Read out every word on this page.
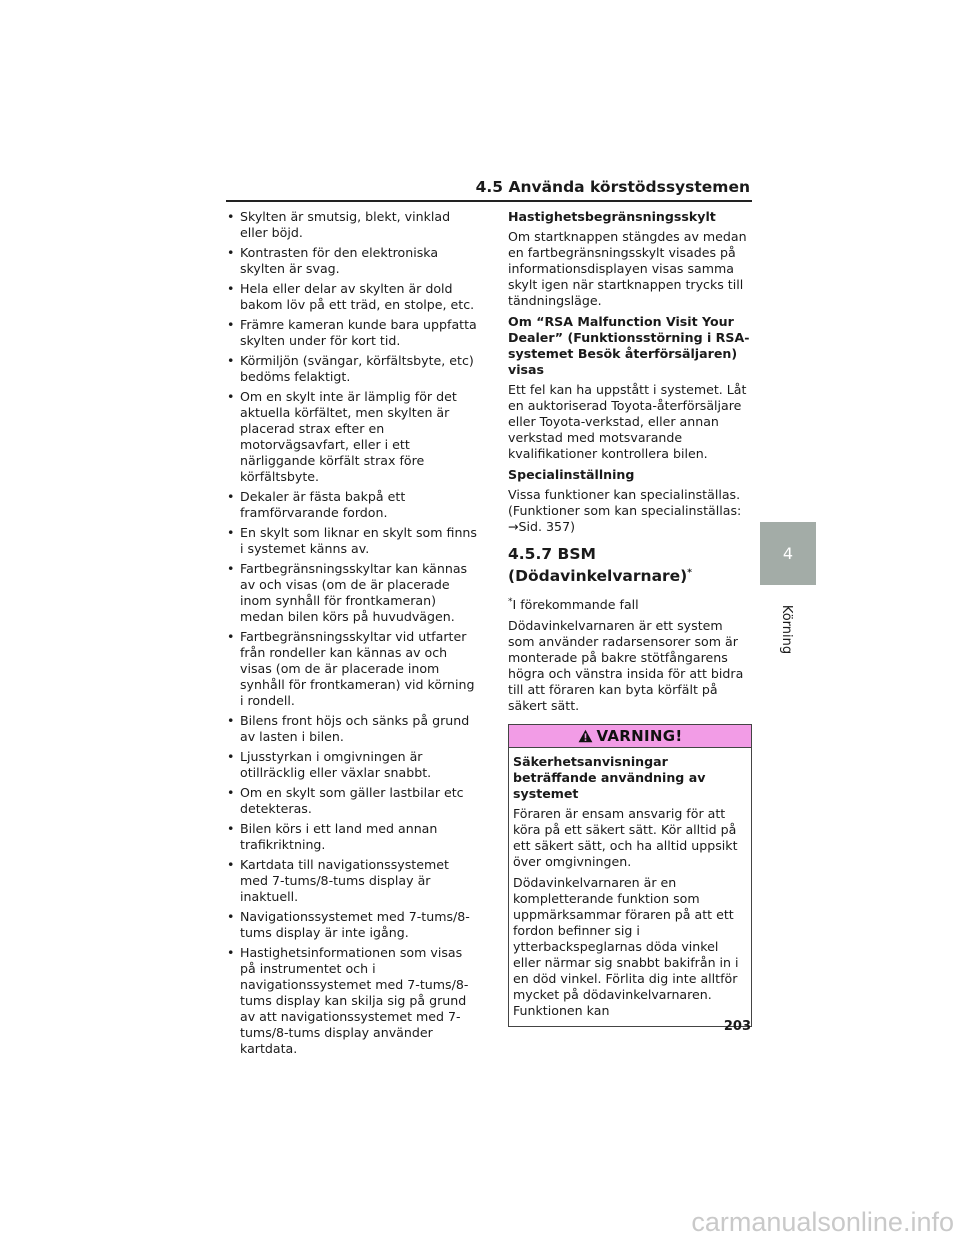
4.5 Använda körstödssystemen
• Skylten är smutsig, blekt, vinklad eller böjd.
• Kontrasten för den elektroniska skylten är svag.
• Hela eller delar av skylten är dold bakom löv på ett träd, en stolpe, etc.
• Främre kameran kunde bara uppfatta skylten under för kort tid.
• Körmiljön (svängar, körfältsbyte, etc) bedöms felaktigt.
• Om en skylt inte är lämplig för det aktuella körfältet, men skylten är placerad strax efter en motorvägsavfart, eller i ett närliggande körfält strax före körfältsbyte.
• Dekaler är fästa bakpå ett framförvarande fordon.
• En skylt som liknar en skylt som finns i systemet känns av.
• Fartbegränsningsskyltar kan kännas av och visas (om de är placerade inom synhåll för frontkameran) medan bilen körs på huvudvägen.
• Fartbegränsningsskyltar vid utfarter från rondeller kan kännas av och visas (om de är placerade inom synhåll för frontkameran) vid körning i rondell.
• Bilens front höjs och sänks på grund av lasten i bilen.
• Ljusstyrkan i omgivningen är otillräcklig eller växlar snabbt.
• Om en skylt som gäller lastbilar etc detekteras.
• Bilen körs i ett land med annan trafikriktning.
• Kartdata till navigationssystemet med 7-tums/8-tums display är inaktuell.
• Navigationssystemet med 7-tums/8-tums display är inte igång.
• Hastighetsinformationen som visas på instrumentet och i navigationssystemet med 7-tums/8-tums display kan skilja sig på grund av att navigationssystemet med 7-tums/8-tums display använder kartdata.
Hastighetsbegränsningsskylt

Om startknappen stängdes av medan en fartbegränsningsskylt visades på informationsdisplayen visas samma skylt igen när startknappen trycks till tändningsläge.

Om “RSA Malfunction Visit Your Dealer” (Funktionsstörning i RSA-systemet Besök återförsäljaren) visas

Ett fel kan ha uppstått i systemet. Låt en auktoriserad Toyota-återförsäljare eller Toyota-verkstad, eller annan verkstad med motsvarande kvalifikationer kontrollera bilen.

Specialinställning

Vissa funktioner kan specialinställas. (Funktioner som kan specialinställas: →Sid. 357)

4.5.7 BSM (Dödavinkelvarnare)*

*I förekommande fall

Dödavinkelvarnaren är ett system som använder radarsensorer som är monterade på bakre stötfångarens högra och vänstra insida för att bidra till att föraren kan byta körfält på säkert sätt.

VARNING!
Säkerhetsanvisningar beträffande användning av systemet

Föraren är ensam ansvarig för att köra på ett säkert sätt. Kör alltid på ett säkert sätt, och ha alltid uppsikt över omgivningen.

Dödavinkelvarnaren är en kompletterande funktion som uppmärksammar föraren på att ett fordon befinner sig i ytterbackspeglarnas döda vinkel eller närmar sig snabbt bakifrån in i en död vinkel. Förlita dig inte alltför mycket på dödavinkelvarnaren. Funktionen kan

4
Körning
203
carmanualsonline.info
